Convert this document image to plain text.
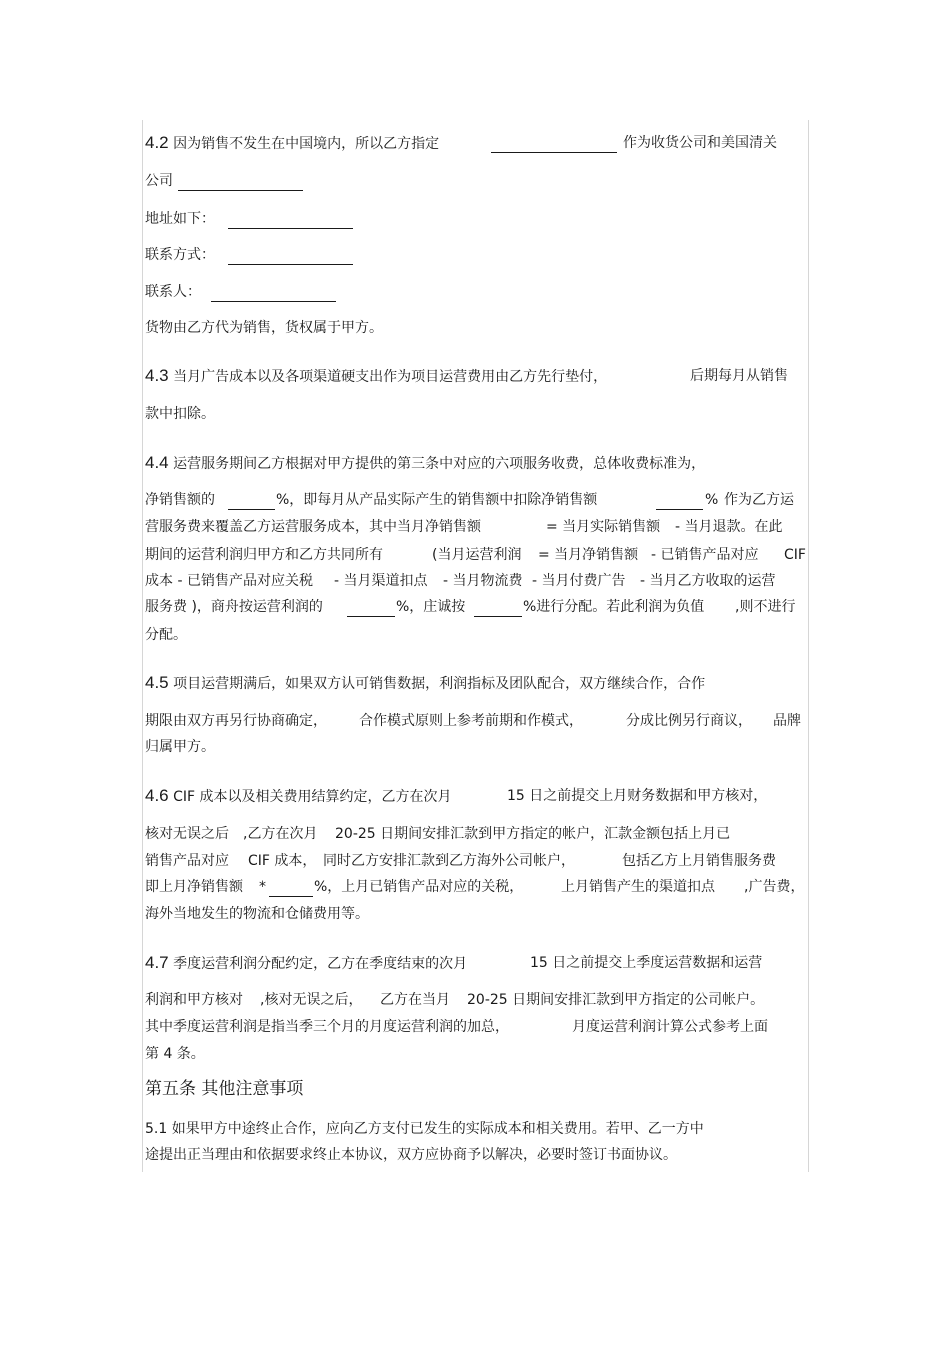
4.2 因为销售不发生在中国境内，所以乙方指定	作为收货公司和美国清关
公司
地址如下：
联系方式：
联系人：
货物由乙方代为销售，货权属于甲方。
4.3 当月广告成本以及各项渠道硬支出作为项目运营费用由乙方先行垫付，	后期每月从销售
款中扣除。
4.4 运营服务期间乙方根据对甲方提供的第三条中对应的六项服务收费，总体收费标准为，
净销售额的	%，即每月从产品实际产生的销售额中扣除净销售额	% 作为乙方运
营服务费来覆盖乙方运营服务成本，其中当月净销售额	= 当月实际销售额 - 当月退款。在此
期间的运营利润归甲方和乙方共同所有	(当月运营利润 = 当月净销售额 - 已销售产品对应 CIF
成本 - 已销售产品对应关税 - 当月渠道扣点 - 当月物流费 - 当月付费广告 - 当月乙方收取的运营
服务费 )，商舟按运营利润的	%，庄诚按	%进行分配。若此利润为负值 ,则不进行
分配。
4.5 项目运营期满后，如果双方认可销售数据，利润指标及团队配合，双方继续合作，合作
期限由双方再另行协商确定， 合作模式原则上参考前期和作模式，	分成比例另行商议， 品牌
归属甲方。
4.6 CIF 成本以及相关费用结算约定，乙方在次月	15 日之前提交上月财务数据和甲方核对，
核对无误之后 ,乙方在次月 20-25 日期间安排汇款到甲方指定的帐户，汇款金额包括上月已
销售产品对应 CIF 成本， 同时乙方安排汇款到乙方海外公司帐户，	包括乙方上月销售服务费
即上月净销售额 *	%，上月已销售产品对应的关税，	上月销售产生的渠道扣点 ,广告费，
海外当地发生的物流和仓储费用等。
4.7 季度运营利润分配约定，乙方在季度结束的次月	15 日之前提交上季度运营数据和运营
利润和甲方核对 ,核对无误之后， 乙方在当月 20-25 日期间安排汇款到甲方指定的公司帐户。
其中季度运营利润是指当季三个月的月度运营利润的加总，	月度运营利润计算公式参考上面
第 4 条。
第五条 其他注意事项
5.1 如果甲方中途终止合作，应向乙方支付已发生的实际成本和相关费用。若甲、乙一方中
途提出正当理由和依据要求终止本协议，双方应协商予以解决，必要时签订书面协议。
